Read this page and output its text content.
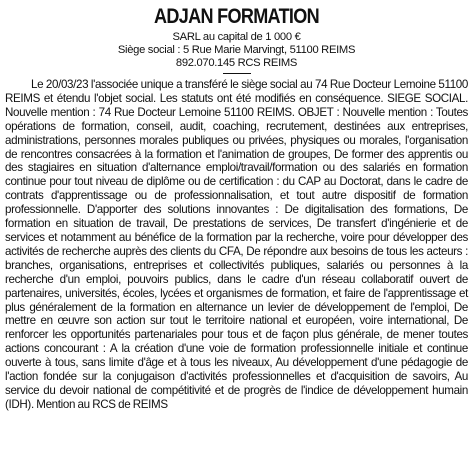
ADJAN FORMATION
SARL au capital de 1 000 €
Siège social : 5 Rue Marie Marvingt, 51100 REIMS
892.070.145 RCS REIMS

Le 20/03/23 l'associée unique a transféré le siège social au 74 Rue Docteur Lemoine 51100 REIMS et étendu l'objet social. Les statuts ont été modifiés en conséquence. SIEGE SOCIAL. Nouvelle mention : 74 Rue Docteur Lemoine 51100 REIMS. OBJET : Nouvelle mention : Toutes opérations de formation, conseil, audit, coaching, recrutement, destinées aux entreprises, administrations, personnes morales publiques ou privées, physiques ou morales, l'organisation de rencontres consacrées à la formation et l'animation de groupes, De former des apprentis ou des stagiaires en situation d'alternance emploi/travail/formation ou des salariés en formation continue pour tout niveau de diplôme ou de certification : du CAP au Doctorat, dans le cadre de contrats d'apprentissage ou de professionnalisation, et tout autre dispositif de formation professionnelle. D'apporter des solutions innovantes : De digitalisation des formations, De formation en situation de travail, De prestations de services, De transfert d'ingénierie et de services et notamment au bénéfice de la formation par la recherche, voire pour développer des activités de recherche auprès des clients du CFA, De répondre aux besoins de tous les acteurs : branches, organisations, entreprises et collectivités publiques, salariés ou personnes à la recherche d'un emploi, pouvoirs publics, dans le cadre d'un réseau collaboratif ouvert de partenaires, universités, écoles, lycées et organismes de formation, et faire de l'apprentissage et plus généralement de la formation en alternance un levier de développement de l'emploi, De mettre en œuvre son action sur tout le territoire national et européen, voire international, De renforcer les opportunités partenariales pour tous et de façon plus générale, de mener toutes actions concourant : A la création d'une voie de formation professionnelle initiale et continue ouverte à tous, sans limite d'âge et à tous les niveaux, Au développement d'une pédagogie de l'action fondée sur la conjugaison d'activités professionnelles et d'acquisition de savoirs, Au service du devoir national de compétitivité et de progrès de l'indice de développement humain (IDH). Mention au RCS de REIMS
